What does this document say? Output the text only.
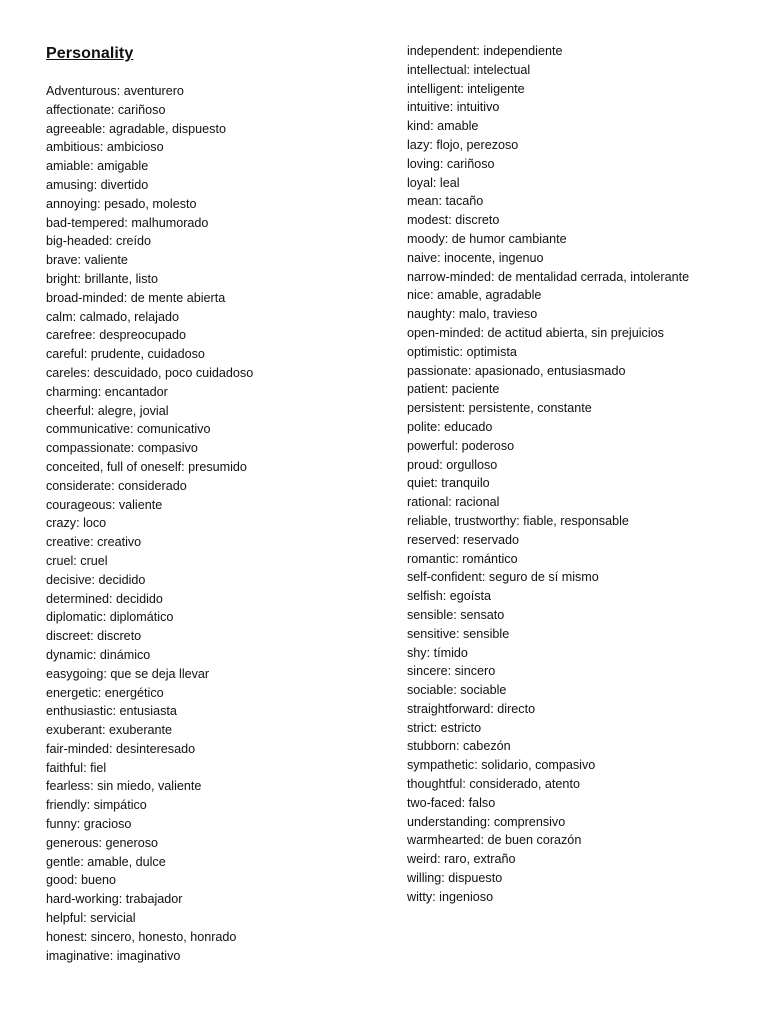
Personality
Adventurous: aventurero
affectionate: cariñoso
agreeable: agradable, dispuesto
ambitious: ambicioso
amiable: amigable
amusing: divertido
annoying: pesado, molesto
bad-tempered: malhumorado
big-headed: creído
brave: valiente
bright: brillante, listo
broad-minded: de mente abierta
calm: calmado, relajado
carefree: despreocupado
careful: prudente, cuidadoso
careles: descuidado, poco cuidadoso
charming: encantador
cheerful: alegre, jovial
communicative: comunicativo
compassionate: compasivo
conceited, full of oneself: presumido
considerate: considerado
courageous: valiente
crazy: loco
creative: creativo
cruel: cruel
decisive: decidido
determined: decidido
diplomatic: diplomático
discreet: discreto
dynamic: dinámico
easygoing: que se deja llevar
energetic: energético
enthusiastic: entusiasta
exuberant: exuberante
fair-minded: desinteresado
faithful: fiel
fearless: sin miedo, valiente
friendly: simpático
funny: gracioso
generous: generoso
gentle: amable, dulce
good: bueno
hard-working: trabajador
helpful: servicial
honest: sincero, honesto, honrado
imaginative: imaginativo
independent: independiente
intellectual: intelectual
intelligent: inteligente
intuitive: intuitivo
kind: amable
lazy: flojo, perezoso
loving: cariñoso
loyal: leal
mean: tacaño
modest: discreto
moody: de humor cambiante
naive: inocente, ingenuo
narrow-minded: de mentalidad cerrada, intolerante
nice: amable, agradable
naughty: malo, travieso
open-minded: de actitud abierta, sin prejuicios
optimistic: optimista
passionate: apasionado, entusiasmado
patient: paciente
persistent: persistente, constante
polite: educado
powerful: poderoso
proud: orgulloso
quiet: tranquilo
rational: racional
reliable, trustworthy: fiable, responsable
reserved: reservado
romantic: romántico
self-confident: seguro de sí mismo
selfish: egoísta
sensible: sensato
sensitive: sensible
shy: tímido
sincere: sincero
sociable: sociable
straightforward: directo
strict: estricto
stubborn: cabezón
sympathetic: solidario, compasivo
thoughtful: considerado, atento
two-faced: falso
understanding: comprensivo
warmhearted: de buen corazón
weird: raro, extraño
willing: dispuesto
witty: ingenioso
